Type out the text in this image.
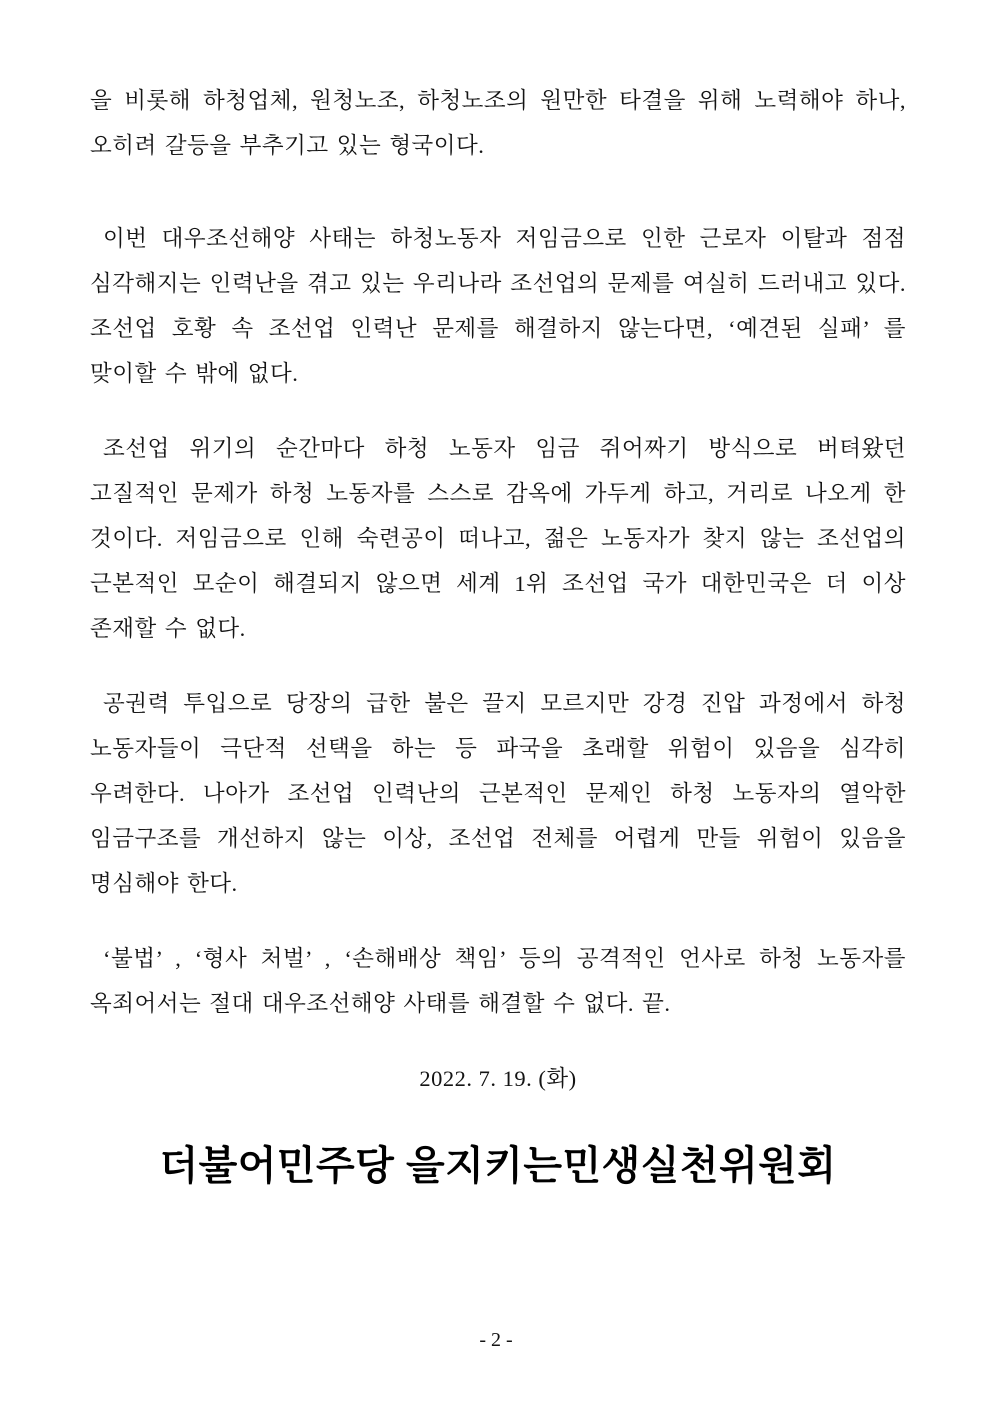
을 비롯해 하청업체, 원청노조, 하청노조의 원만한 타결을 위해 노력해야 하나, 오히려 갈등을 부추기고 있는 형국이다.

이번 대우조선해양 사태는 하청노동자 저임금으로 인한 근로자 이탈과 점점 심각해지는 인력난을 겪고 있는 우리나라 조선업의 문제를 여실히 드러내고 있다. 조선업 호황 속 조선업 인력난 문제를 해결하지 않는다면, ‘예견된 실패’ 를 맞이할 수 밖에 없다.

조선업 위기의 순간마다 하청 노동자 임금 쥐어짜기 방식으로 버텨왔던 고질적인 문제가 하청 노동자를 스스로 감옥에 가두게 하고, 거리로 나오게 한 것이다. 저임금으로 인해 숙련공이 떠나고, 젊은 노동자가 찾지 않는 조선업의 근본적인 모순이 해결되지 않으면 세계 1위 조선업 국가 대한민국은 더 이상 존재할 수 없다.

공권력 투입으로 당장의 급한 불은 끌지 모르지만 강경 진압 과정에서 하청 노동자들이 극단적 선택을 하는 등 파국을 초래할 위험이 있음을 심각히 우려한다. 나아가 조선업 인력난의 근본적인 문제인 하청 노동자의 열악한 임금구조를 개선하지 않는 이상, 조선업 전체를 어렵게 만들 위험이 있음을 명심해야 한다.

‘불법’ , ‘형사 처벌’ , ‘손해배상 책임’ 등의 공격적인 언사로 하청 노동자를 옥죄어서는 절대 대우조선해양 사태를 해결할 수 없다. 끝.

2022. 7. 19. (화)

더불어민주당 을지키는민생실천위원회

- 2 -
